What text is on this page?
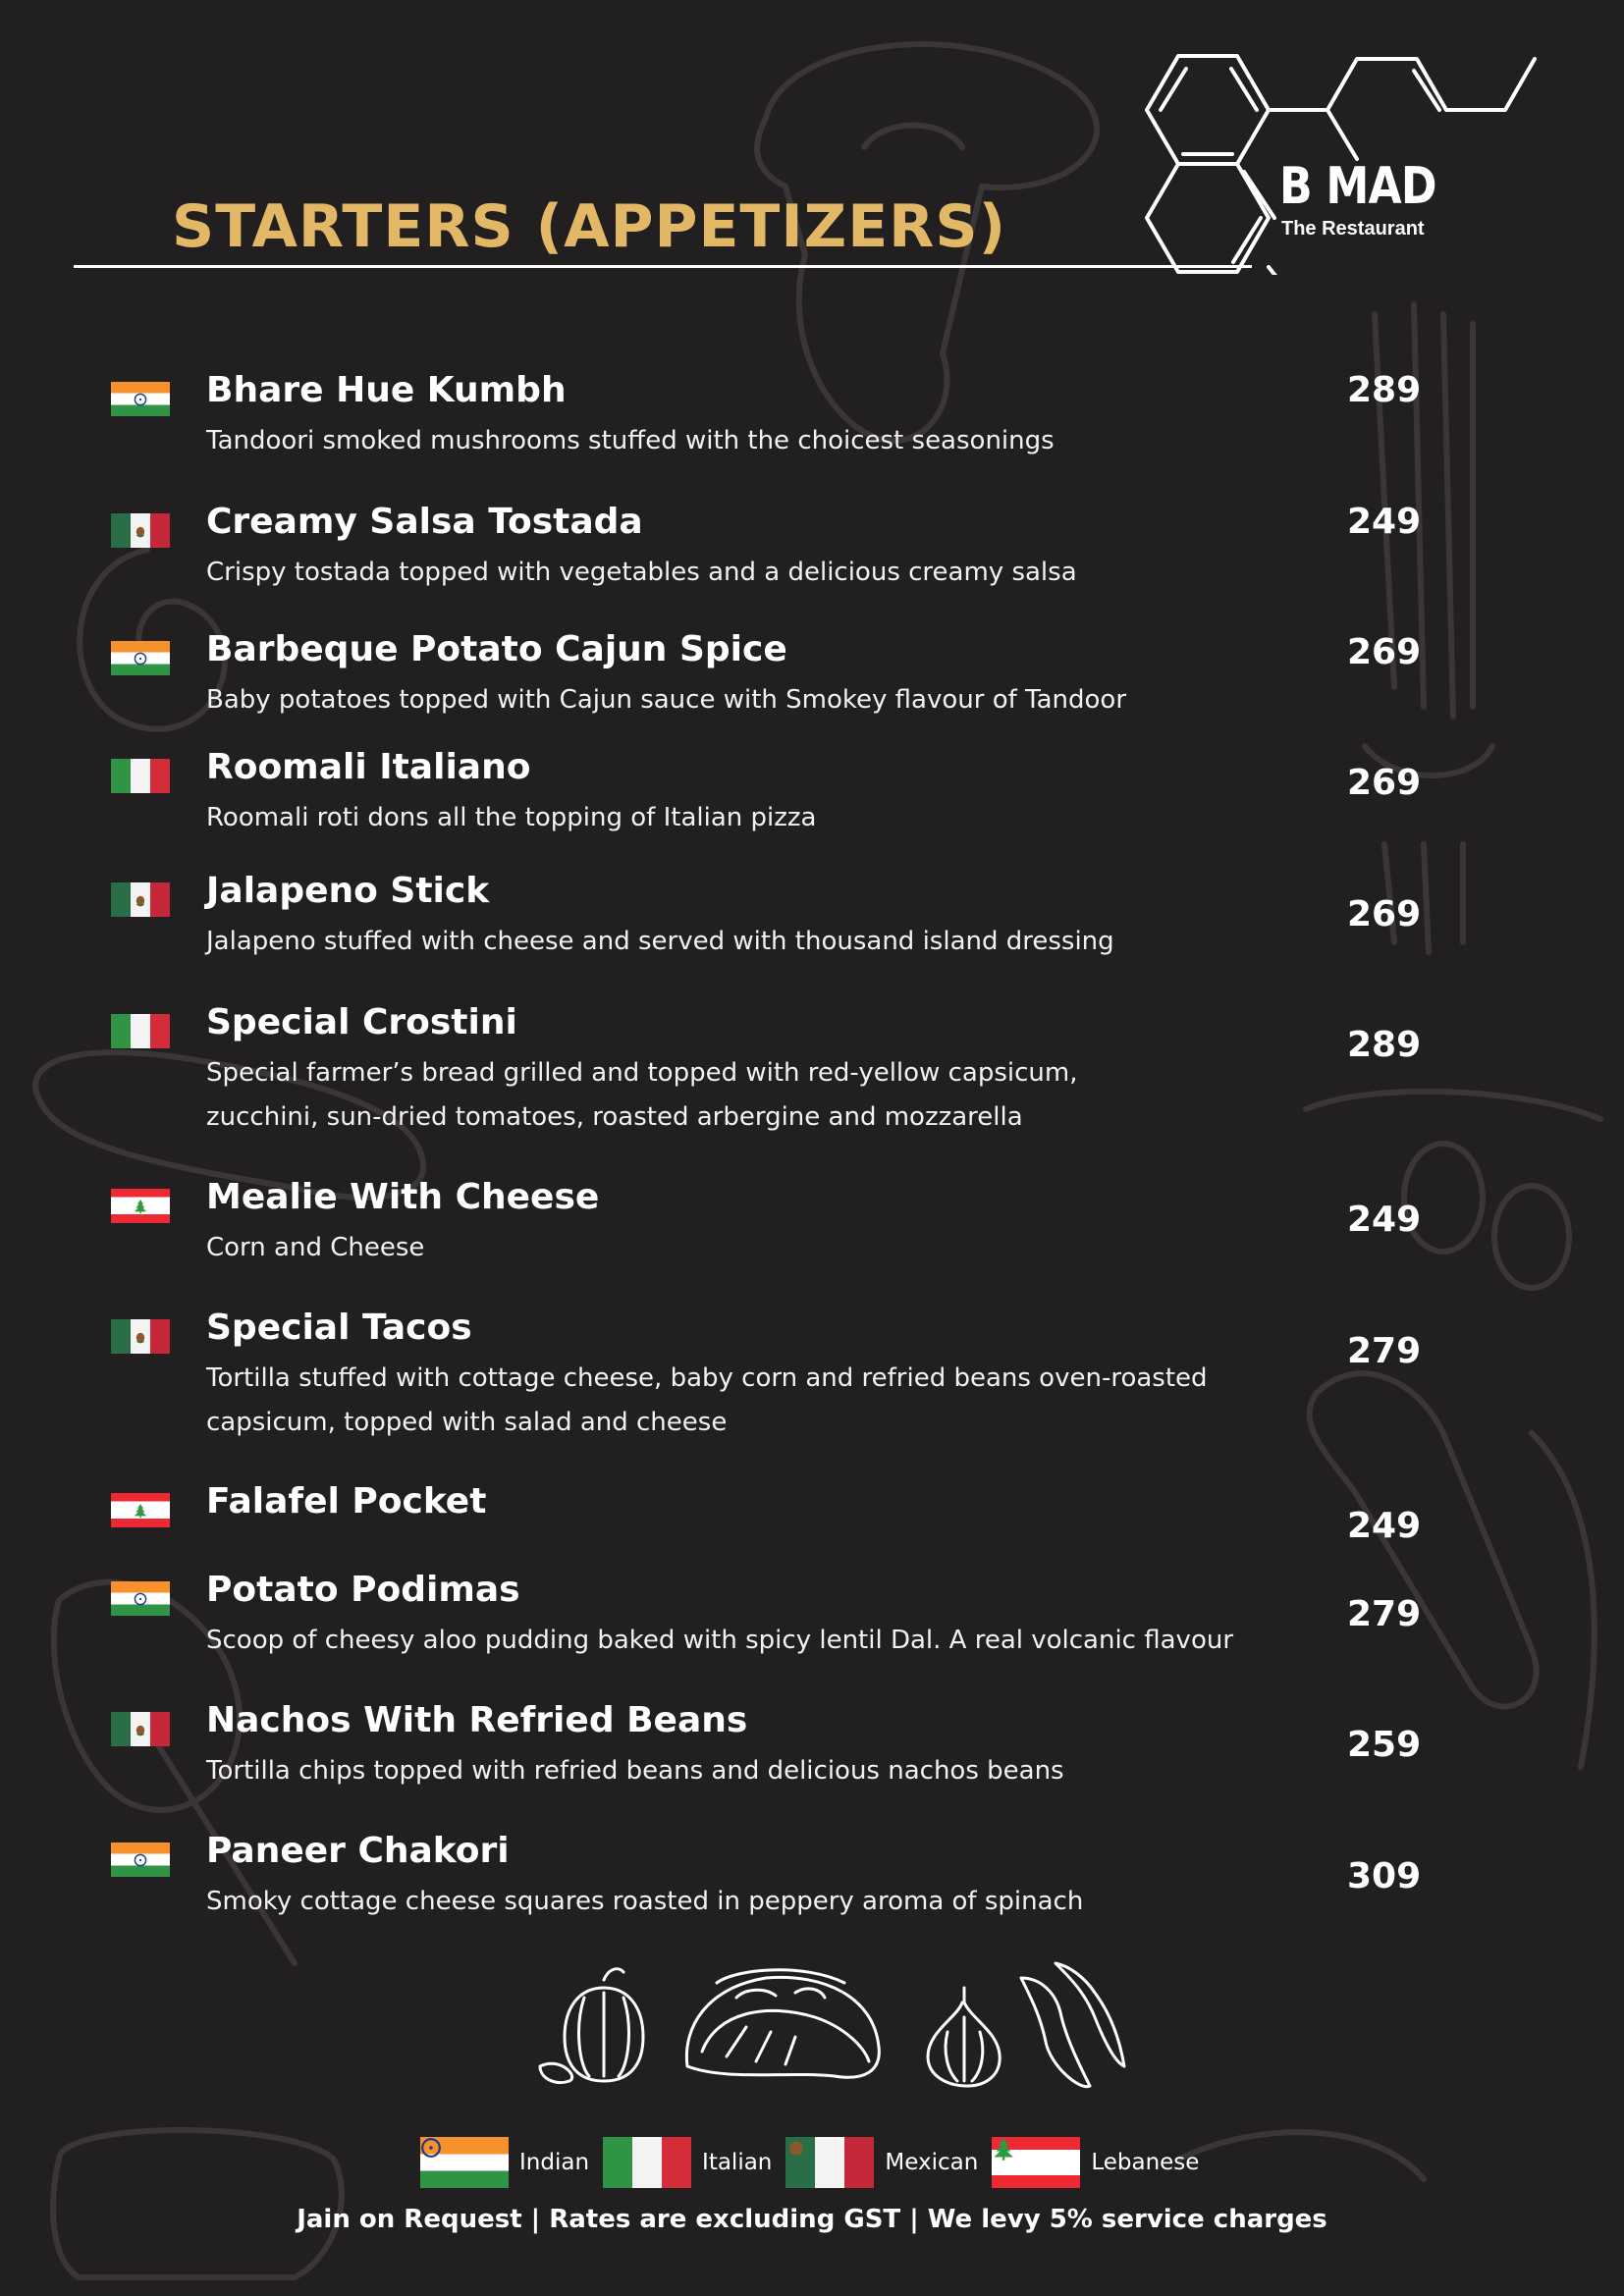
B MAD
The Restaurant
STARTERS (APPETIZERS)
Bhare Hue Kumbh
Tandoori smoked mushrooms stuffed with the choicest seasonings
289
Creamy Salsa Tostada
Crispy tostada topped with vegetables and a delicious creamy salsa
249
Barbeque Potato Cajun Spice
Baby potatoes topped with Cajun sauce with Smokey flavour of Tandoor
269
Roomali Italiano
Roomali roti dons all the topping of Italian pizza
269
Jalapeno Stick
Jalapeno stuffed with cheese and served with thousand island dressing
269
Special Crostini
Special farmer’s bread grilled and topped with red-yellow capsicum,
zucchini, sun-dried tomatoes, roasted arbergine and mozzarella
289
Mealie With Cheese
Corn and Cheese
249
Special Tacos
Tortilla stuffed with cottage cheese, baby corn and refried beans oven-roasted
capsicum, topped with salad and cheese
279
Falafel Pocket
249
Potato Podimas
Scoop of cheesy aloo pudding baked with spicy lentil Dal. A real volcanic flavour
279
Nachos With Refried Beans
Tortilla chips topped with refried beans and delicious nachos beans
259
Paneer Chakori
Smoky cottage cheese squares roasted in peppery aroma of spinach
309
Indian	Italian	Mexican	Lebanese
Jain on Request | Rates are excluding GST | We levy 5% service charges
